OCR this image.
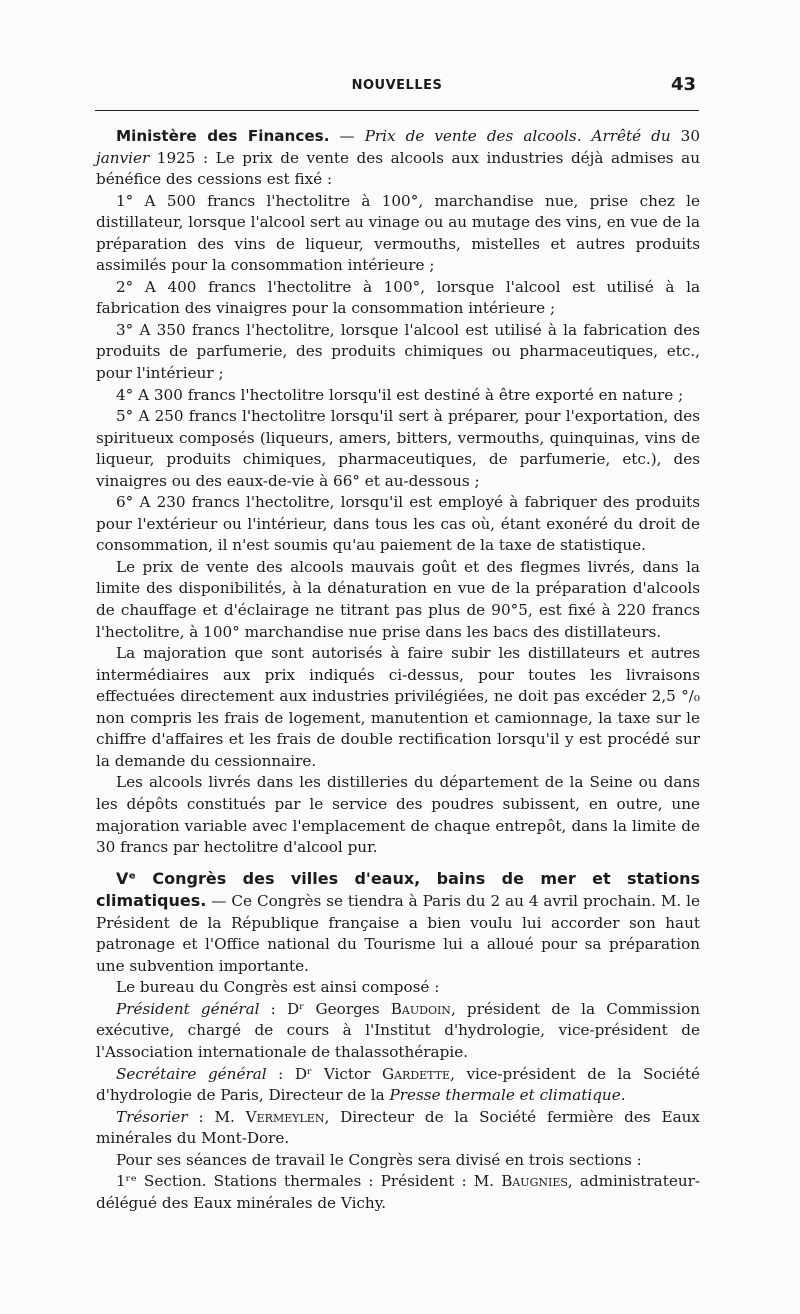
NOUVELLES	43

Ministère des Finances. — Prix de vente des alcools. Arrêté du 30 janvier 1925 : Le prix de vente des alcools aux industries déjà admises au bénéfice des cessions est fixé :

1° A 500 francs l'hectolitre à 100°, marchandise nue, prise chez le distillateur, lorsque l'alcool sert au vinage ou au mutage des vins, en vue de la préparation des vins de liqueur, vermouths, mistelles et autres produits assimilés pour la consommation intérieure ;

2° A 400 francs l'hectolitre à 100°, lorsque l'alcool est utilisé à la fabrication des vinaigres pour la consommation intérieure ;

3° A 350 francs l'hectolitre, lorsque l'alcool est utilisé à la fabrication des produits de parfumerie, des produits chimiques ou pharmaceutiques, etc., pour l'intérieur ;

4° A 300 francs l'hectolitre lorsqu'il est destiné à être exporté en nature ;

5° A 250 francs l'hectolitre lorsqu'il sert à préparer, pour l'exportation, des spiritueux composés (liqueurs, amers, bitters, vermouths, quinquinas, vins de liqueur, produits chimiques, pharmaceutiques, de parfumerie, etc.), des vinaigres ou des eaux-de-vie à 66° et au-dessous ;

6° A 230 francs l'hectolitre, lorsqu'il est employé à fabriquer des produits pour l'extérieur ou l'intérieur, dans tous les cas où, étant exonéré du droit de consommation, il n'est soumis qu'au paiement de la taxe de statistique.

Le prix de vente des alcools mauvais goût et des flegmes livrés, dans la limite des disponibilités, à la dénaturation en vue de la préparation d'alcools de chauffage et d'éclairage ne titrant pas plus de 90°5, est fixé à 220 francs l'hectolitre, à 100° marchandise nue prise dans les bacs des distillateurs.

La majoration que sont autorisés à faire subir les distillateurs et autres intermédiaires aux prix indiqués ci-dessus, pour toutes les livraisons effectuées directement aux industries privilégiées, ne doit pas excéder 2,5 °/₀ non compris les frais de logement, manutention et camionnage, la taxe sur le chiffre d'affaires et les frais de double rectification lorsqu'il y est procédé sur la demande du cessionnaire.

Les alcools livrés dans les distilleries du département de la Seine ou dans les dépôts constitués par le service des poudres subissent, en outre, une majoration variable avec l'emplacement de chaque entrepôt, dans la limite de 30 francs par hectolitre d'alcool pur.

Vᵉ Congrès des villes d'eaux, bains de mer et stations climatiques. — Ce Congrès se tiendra à Paris du 2 au 4 avril prochain. M. le Président de la République française a bien voulu lui accorder son haut patronage et l'Office national du Tourisme lui a alloué pour sa préparation une subvention importante.

Le bureau du Congrès est ainsi composé :

Président général : Dʳ Georges Baudoin, président de la Commission exécutive, chargé de cours à l'Institut d'hydrologie, vice-président de l'Association internationale de thalassothérapie.

Secrétaire général : Dʳ Victor Gardette, vice-président de la Société d'hydrologie de Paris, Directeur de la Presse thermale et climatique.

Trésorier : M. Vermeylen, Directeur de la Société fermière des Eaux minérales du Mont-Dore.

Pour ses séances de travail le Congrès sera divisé en trois sections :

1ʳᵉ Section. Stations thermales : Président : M. Baugnies, administrateur-délégué des Eaux minérales de Vichy.
